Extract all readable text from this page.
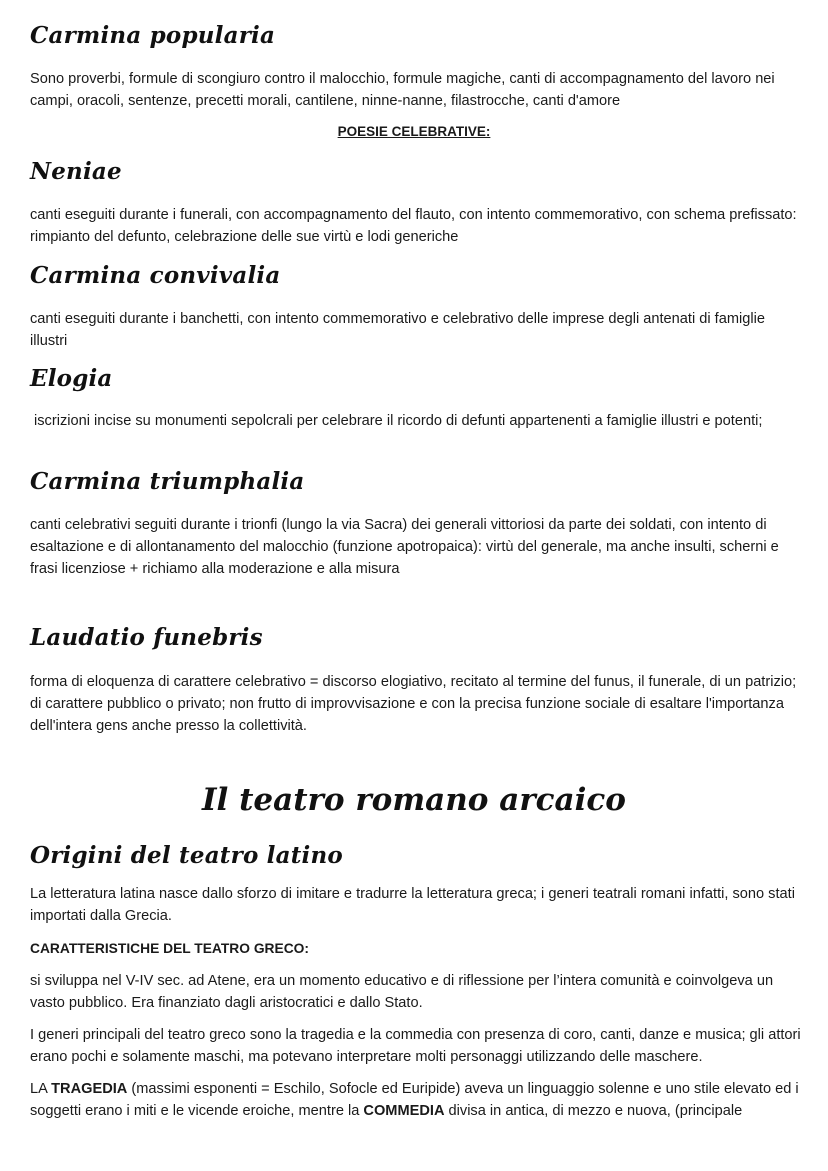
Carmina popularia

Sono proverbi, formule di scongiuro contro il malocchio, formule magiche, canti di accompagnamento del lavoro nei campi, oracoli, sentenze, precetti morali, cantilene, ninne-nanne, filastrocche, canti d'amore

POESIE CELEBRATIVE:

Neniae

canti eseguiti durante i funerali, con accompagnamento del flauto, con intento commemorativo, con schema prefissato: rimpianto del defunto, celebrazione delle sue virtù e lodi generiche

Carmina convivalia

canti eseguiti durante i banchetti, con intento commemorativo e celebrativo delle imprese degli antenati di famiglie illustri

Elogia

iscrizioni incise su monumenti sepolcrali per celebrare il ricordo di defunti appartenenti a famiglie illustri e potenti;

Carmina triumphalia

canti celebrativi seguiti durante i trionfi (lungo la via Sacra) dei generali vittoriosi da parte dei soldati, con intento di esaltazione e di allontanamento del malocchio (funzione apotropaica): virtù del generale, ma anche insulti, scherni e frasi licenziose + richiamo alla moderazione e alla misura

Laudatio funebris

forma di eloquenza di carattere celebrativo = discorso elogiativo, recitato al termine del funus, il funerale, di un patrizio; di carattere pubblico o privato; non frutto di improvvisazione e con la precisa funzione sociale di esaltare l'importanza dell'intera gens anche presso la collettività.

Il teatro romano arcaico
Origini del teatro latino

La letteratura latina nasce dallo sforzo di imitare e tradurre la letteratura greca; i generi teatrali romani infatti, sono stati importati dalla Grecia.

CARATTERISTICHE DEL TEATRO GRECO:

si sviluppa nel V-IV sec. ad Atene, era un momento educativo e di riflessione per l’intera comunità e coinvolgeva un vasto pubblico. Era finanziato dagli aristocratici e dallo Stato.

I generi principali del teatro greco sono la tragedia e la commedia con presenza di coro, canti, danze e musica; gli attori erano pochi e solamente maschi, ma potevano interpretare molti personaggi utilizzando delle maschere.

LA TRAGEDIA (massimi esponenti = Eschilo, Sofocle ed Euripide) aveva un linguaggio solenne e uno stile elevato ed i soggetti erano i miti e le vicende eroiche, mentre la COMMEDIA divisa in antica, di mezzo e nuova, (principale
